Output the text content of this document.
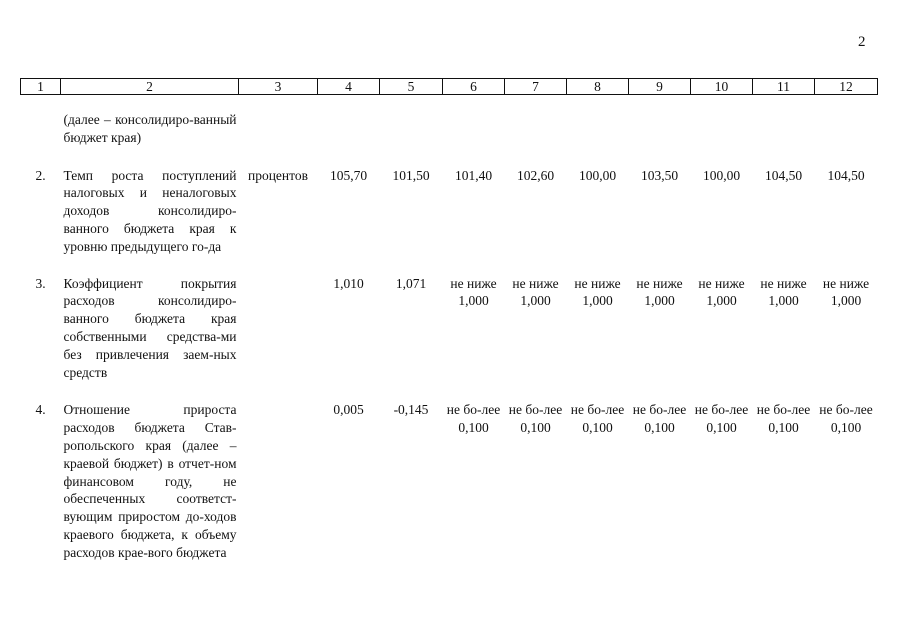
2
1	2	3	4	5	6	7	8	9	10	11	12
	(далее – консолидиро-ванный бюджет края)										
2.	Темп роста поступлений налоговых и неналоговых доходов консолидиро-ванного бюджета края к уровню предыдущего го-да	процентов	105,70	101,50	101,40	102,60	100,00	103,50	100,00	104,50	104,50
3.	Коэффициент покрытия расходов консолидиро-ванного бюджета края собственными средства-ми без привлечения заем-ных средств		1,010	1,071	не ниже 1,000	не ниже 1,000	не ниже 1,000	не ниже 1,000	не ниже 1,000	не ниже 1,000	не ниже 1,000
4.	Отношение прироста расходов бюджета Став-ропольского края (далее – краевой бюджет) в отчет-ном финансовом году, не обеспеченных соответст-вующим приростом до-ходов краевого бюджета, к объему расходов крае-вого бюджета		0,005	-0,145	не бо-лее 0,100	не бо-лее 0,100	не бо-лее 0,100	не бо-лее 0,100	не бо-лее 0,100	не бо-лее 0,100	не бо-лее 0,100
